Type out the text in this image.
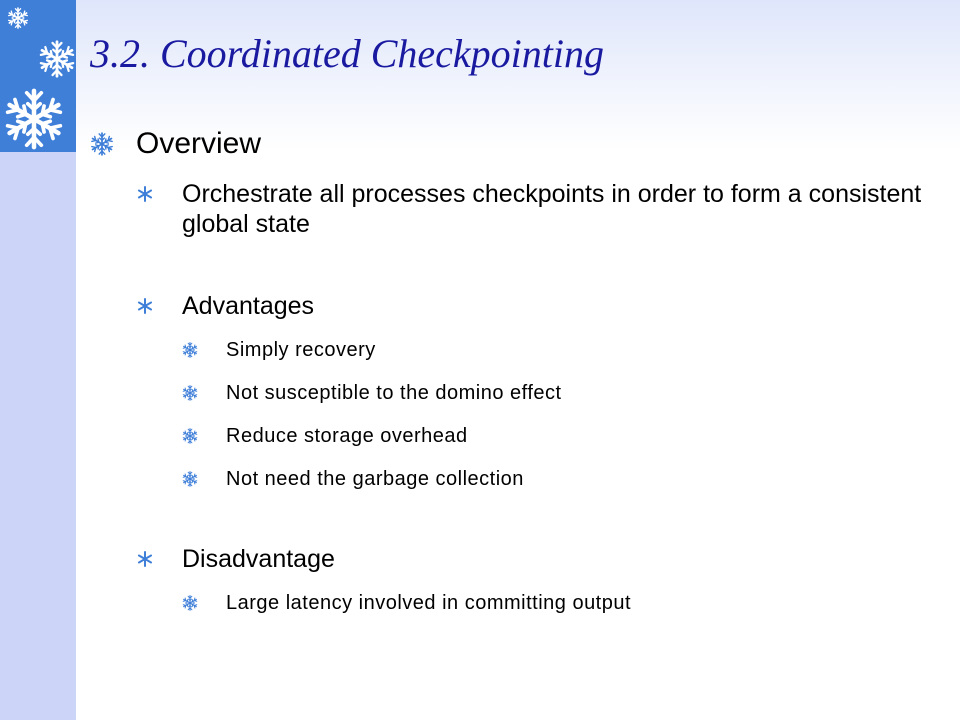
3.2. Coordinated Checkpointing
Overview
Orchestrate all processes checkpoints in order to form a consistent global state
Advantages
Simply recovery
Not susceptible to the domino effect
Reduce storage overhead
Not need the garbage collection
Disadvantage
Large latency involved in committing output
